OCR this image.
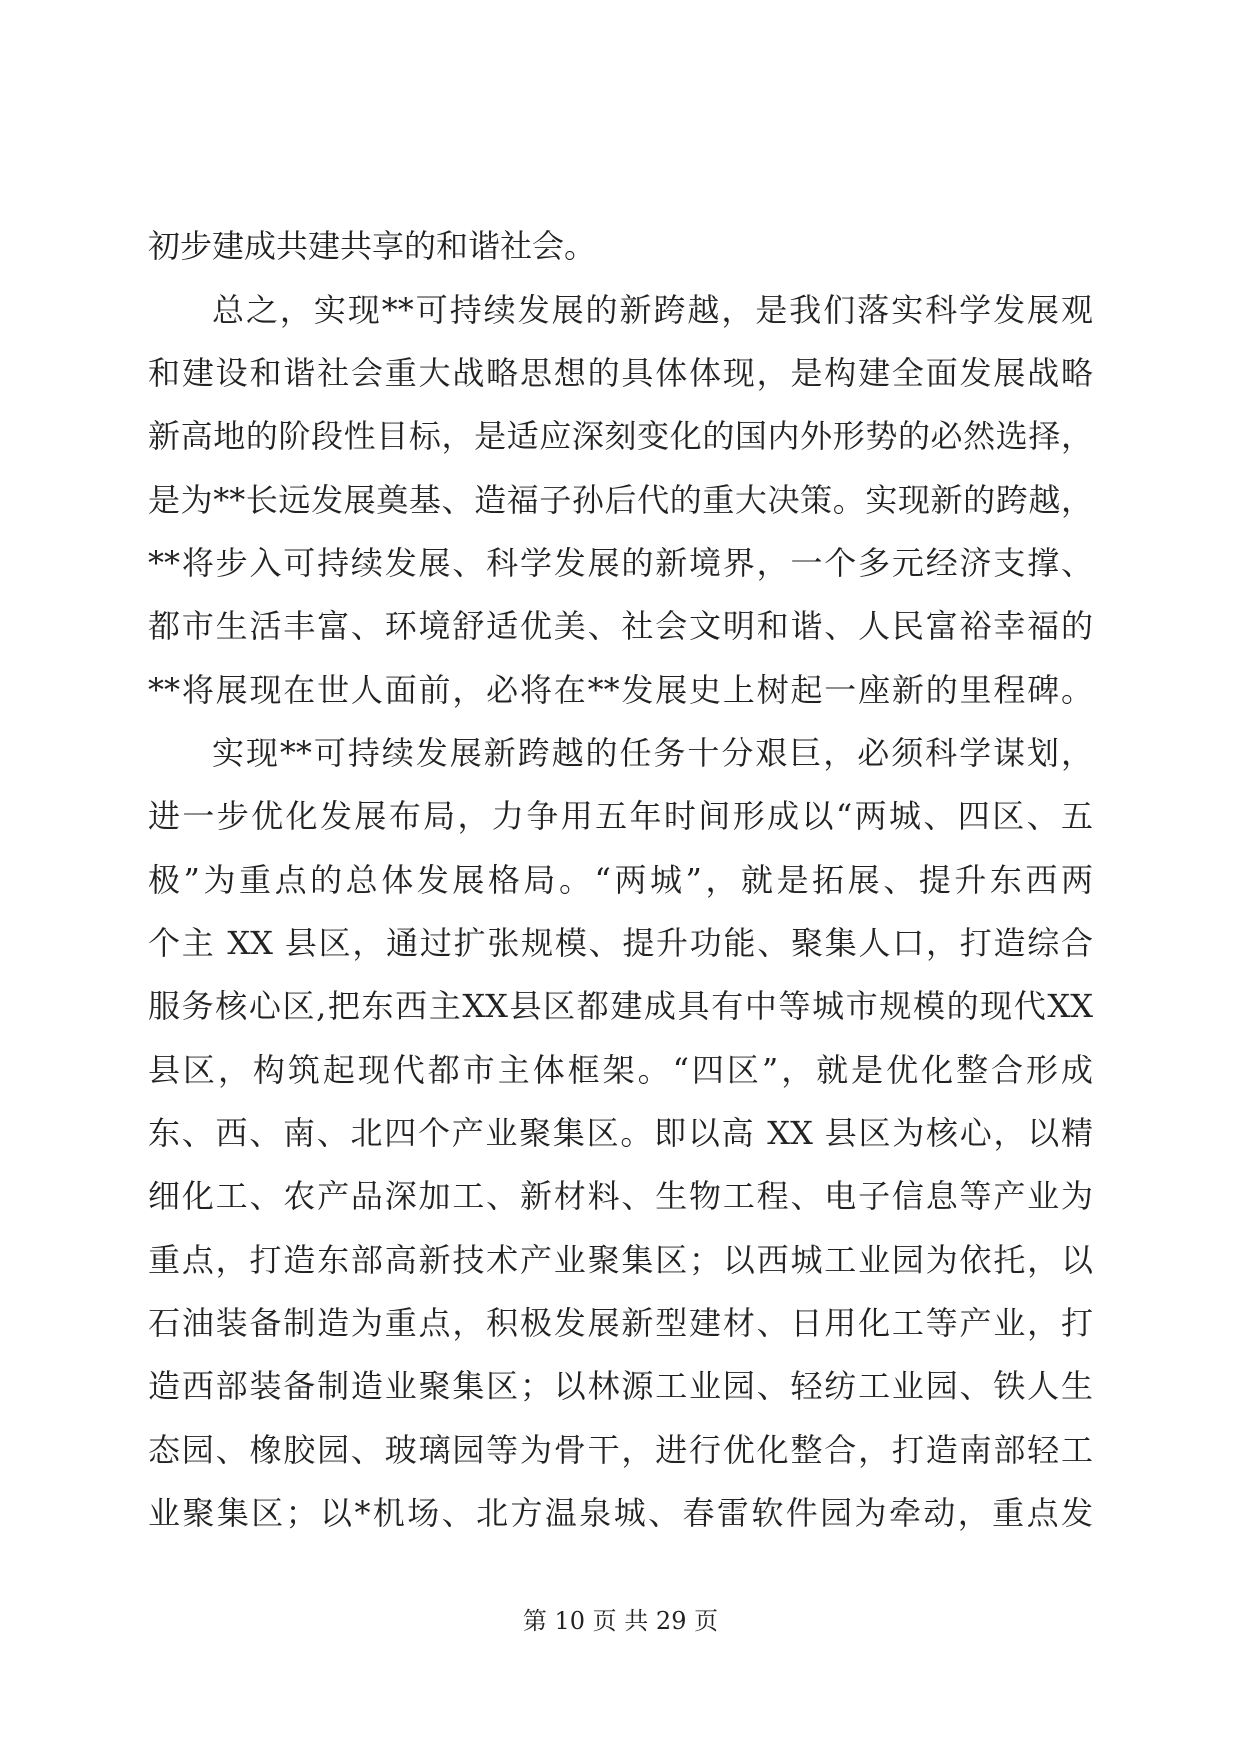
初步建成共建共享的和谐社会。
总之，实现**可持续发展的新跨越，是我们落实科学发展观
和建设和谐社会重大战略思想的具体体现，是构建全面发展战略
新高地的阶段性目标，是适应深刻变化的国内外形势的必然选择，
是为**长远发展奠基、造福子孙后代的重大决策。实现新的跨越，
**将步入可持续发展、科学发展的新境界，一个多元经济支撑、
都市生活丰富、环境舒适优美、社会文明和谐、人民富裕幸福的
**将展现在世人面前，必将在**发展史上树起一座新的里程碑。
实现**可持续发展新跨越的任务十分艰巨，必须科学谋划，
进一步优化发展布局，力争用五年时间形成以“两城、四区、五
极”为重点的总体发展格局。“两城”，就是拓展、提升东西两
个主 XX 县区，通过扩张规模、提升功能、聚集人口，打造综合
服务核心区,把东西主XX县区都建成具有中等城市规模的现代XX
县区，构筑起现代都市主体框架。“四区”，就是优化整合形成
东、西、南、北四个产业聚集区。即以高 XX 县区为核心，以精
细化工、农产品深加工、新材料、生物工程、电子信息等产业为
重点，打造东部高新技术产业聚集区；以西城工业园为依托，以
石油装备制造为重点，积极发展新型建材、日用化工等产业，打
造西部装备制造业聚集区；以林源工业园、轻纺工业园、铁人生
态园、橡胶园、玻璃园等为骨干，进行优化整合，打造南部轻工
业聚集区；以*机场、北方温泉城、春雷软件园为牵动，重点发
第 10 页 共 29 页
